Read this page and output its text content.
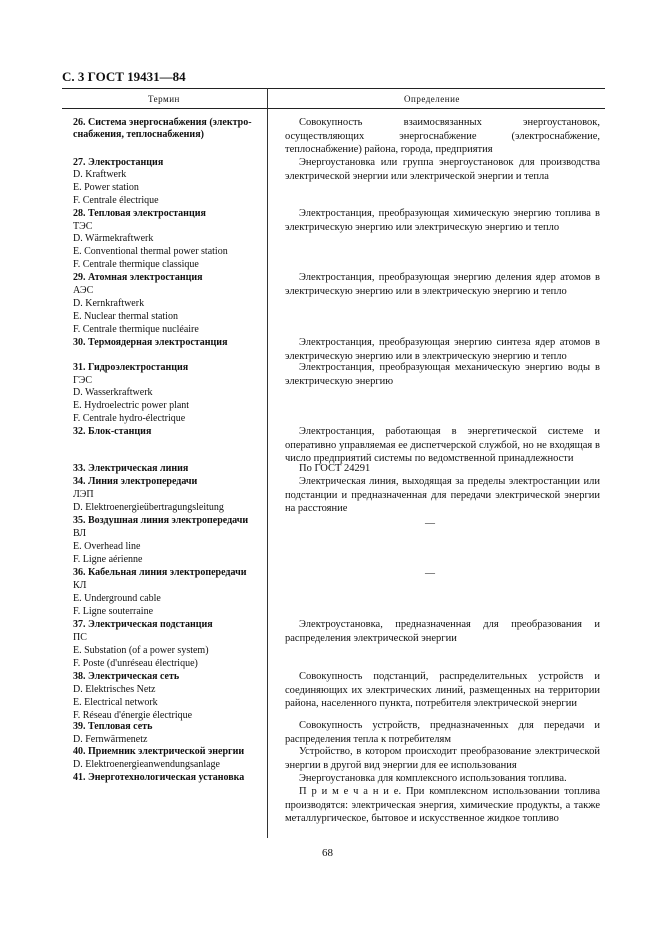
С. 3 ГОСТ 19431—84
Термин	Определение
26. Система энергоснабжения (электро-
снабжения, теплоснабжения)
27. Электростанция
D. Kraftwerk
E. Power station
F. Centrale électrique
28. Тепловая электростанция
ТЭС
D. Wärmekraftwerk
E. Conventional thermal power station
F. Centrale thermique classique
29. Атомная электростанция
АЭС
D. Kernkraftwerk
E. Nuclear thermal station
F. Centrale thermique nucléaire
30. Термоядерная электростанция
31. Гидроэлектростанция
ГЭС
D. Wasserkraftwerk
E. Hydroelectric power plant
F. Centrale hydro-électrique
32. Блок-станция
33. Электрическая линия
34. Линия электропередачи
ЛЭП
D. Elektroenergieübertragungsleitung
35. Воздушная линия электропередачи
ВЛ
E. Overhead line
F. Ligne aérienne
36. Кабельная линия электропередачи
КЛ
E. Underground cable
F. Ligne souterraine
37. Электрическая подстанция
ПС
E. Substation (of a power system)
F. Poste (d'unréseau électrique)
38. Электрическая сеть
D. Elektrisches Netz
E. Electrical network
F. Réseau d'énergie électrique
39. Тепловая сеть
D. Fernwärmenetz
40. Приемник электрической энергии
D. Elektroenergieanwendungsanlage
41. Энерготехнологическая установка
Совокупность взаимосвязанных энергоустановок, осуществляющих энергоснабжение (электроснабжение, теплоснабжение) района, города, предприятия
Энергоустановка или группа энергоустановок для производства электрической энергии или электрической энергии и тепла
Электростанция, преобразующая химическую энергию топлива в электрическую энергию или электрическую энергию и тепло
Электростанция, преобразующая энергию деления ядер атомов в электрическую энергию или в электрическую энергию и тепло
Электростанция, преобразующая энергию синтеза ядер атомов в электрическую энергию или в электрическую энергию и тепло
Электростанция, преобразующая механическую энергию воды в электрическую энергию
Электростанция, работающая в энергетической системе и оперативно управляемая ее диспетчерской службой, но не входящая в число предприятий системы по ведомственной принадлежности
По ГОСТ 24291
Электрическая линия, выходящая за пределы электростанции или подстанции и предназначенная для передачи электрической энергии на расстояние
—
—
Электроустановка, предназначенная для преобразования и распределения электрической энергии
Совокупность подстанций, распределительных устройств и соединяющих их электрических линий, размещенных на территории района, населенного пункта, потребителя электрической энергии
Совокупность устройств, предназначенных для передачи и распределения тепла к потребителям
Устройство, в котором происходит преобразование электрической энергии в другой вид энергии для ее использования
Энергоустановка для комплексного использования топлива.
П р и м е ч а н и е. При комплексном использовании топлива производятся: электрическая энергия, химические продукты, а также металлургическое, бытовое и искусственное жидкое топливо
68
